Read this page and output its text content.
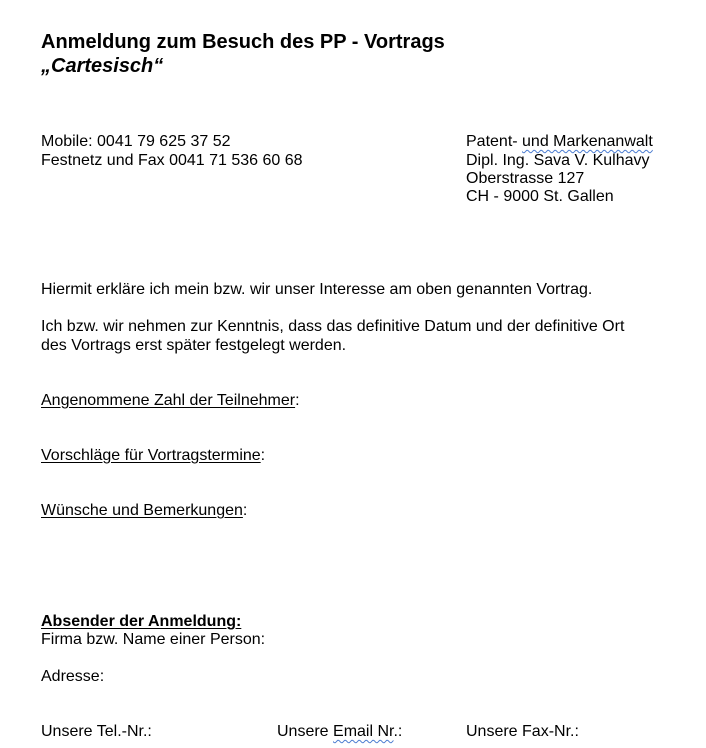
Anmeldung zum Besuch des PP - Vortrags
„Cartesisch“
Mobile: 0041 79 625 37 52
Festnetz und Fax 0041 71 536 60 68
Patent- und Markenanwalt
Dipl. Ing. Sava V. Kulhavy
Oberstrasse 127
CH - 9000 St. Gallen
Hiermit erkläre ich mein bzw. wir unser Interesse am oben genannten Vortrag.
Ich bzw. wir nehmen zur Kenntnis, dass das definitive Datum und der definitive Ort
des Vortrags erst später festgelegt werden.
Angenommene Zahl der Teilnehmer:
Vorschläge für Vortragstermine:
Wünsche und Bemerkungen:
Absender der Anmeldung:
Firma bzw. Name einer Person:
Adresse:
Unsere Tel.-Nr.:	Unsere Email Nr.:	Unsere Fax-Nr.:
